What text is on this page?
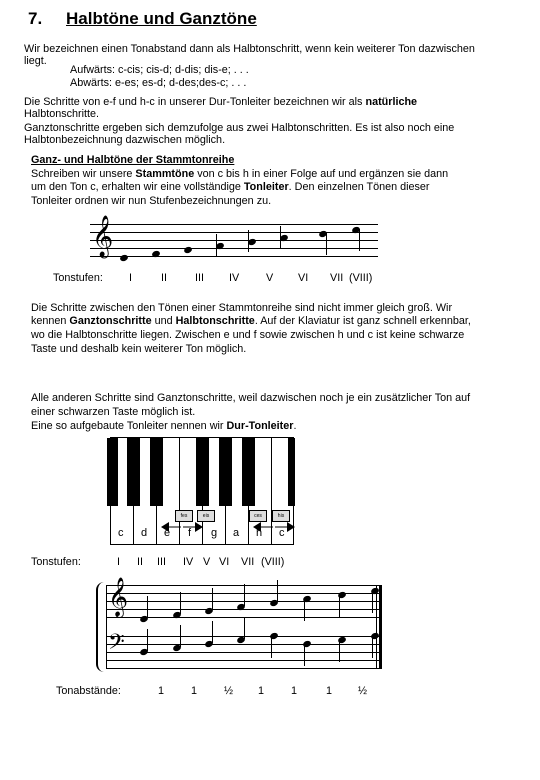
7. Halbtöne und Ganztöne
Wir bezeichnen einen Tonabstand dann als Halbtonschritt, wenn kein weiterer Ton dazwischen
liegt.
Aufwärts: c-cis; cis-d; d-dis; dis-e; . . .
Abwärts: e-es; es-d; d-des;des-c; . . .
Die Schritte von e-f und h-c in unserer Dur-Tonleiter bezeichnen wir als natürliche
Halbtonschritte.
Ganztonschritte ergeben sich demzufolge aus zwei Halbtonschritten. Es ist also noch eine
Halbtonbezeichnung dazwischen möglich.
Ganz- und Halbtöne der Stammtonreihe
Schreiben wir unsere Stammtöne von c bis h in einer Folge auf und ergänzen sie dann
um den Ton c, erhalten wir eine vollständige Tonleiter. Den einzelnen Tönen dieser
Tonleiter ordnen wir nun Stufenbezeichnungen zu.
𝄞
Tonstufen: I	II	III IV V VI VII (VIII)
Die Schritte zwischen den Tönen einer Stammtonreihe sind nicht immer gleich groß. Wir
kennen Ganztonschritte und Halbtonschritte. Auf der Klaviatur ist ganz schnell erkennbar,
wo die Halbtonschritte liegen. Zwischen e und f sowie zwischen h und c ist keine schwarze
Taste und deshalb kein weiterer Ton möglich.
Alle anderen Schritte sind Ganztonschritte, weil dazwischen noch je ein zusätzlicher Ton auf
einer schwarzen Taste möglich ist.
Eine so aufgebaute Tonleiter nennen wir Dur-Tonleiter.
fes	eis	ces	his
c d e f g a h c
Tonstufen:	I II III IV V VI VII (VIII)
𝄞
𝄢
Tonabstände:	1 1 ½ 1 1	1 ½
